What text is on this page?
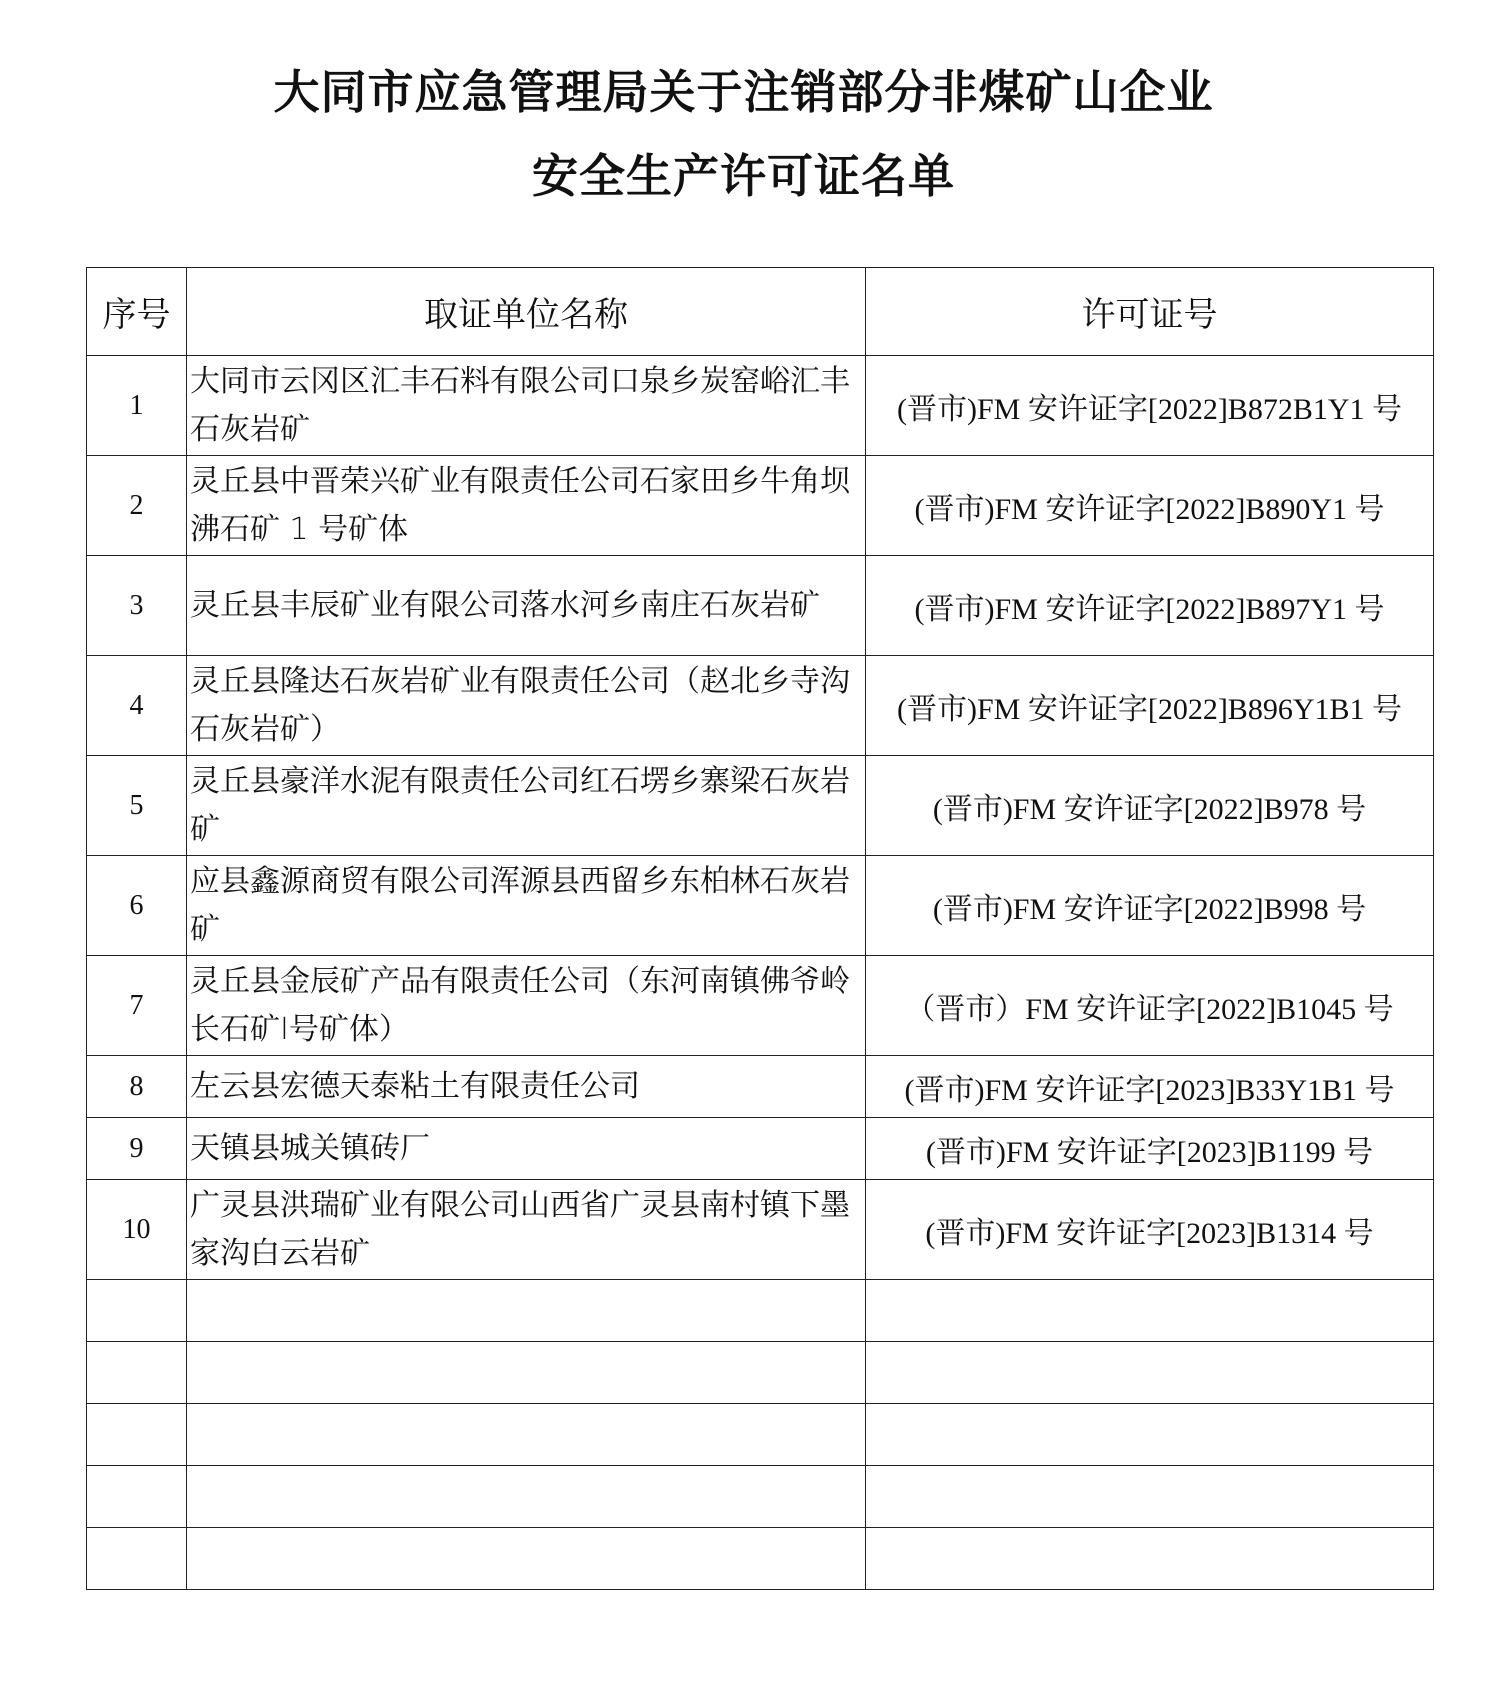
大同市应急管理局关于注销部分非煤矿山企业
安全生产许可证名单
序号	取证单位名称	许可证号
1	大同市云冈区汇丰石料有限公司口泉乡炭窑峪汇丰石灰岩矿	(晋市)FM 安许证字[2022]B872B1Y1 号
2	灵丘县中晋荣兴矿业有限责任公司石家田乡牛角坝沸石矿 1 号矿体	(晋市)FM 安许证字[2022]B890Y1 号
3	灵丘县丰辰矿业有限公司落水河乡南庄石灰岩矿	(晋市)FM 安许证字[2022]B897Y1 号
4	灵丘县隆达石灰岩矿业有限责任公司（赵北乡寺沟石灰岩矿）	(晋市)FM 安许证字[2022]B896Y1B1 号
5	灵丘县豪洋水泥有限责任公司红石塄乡寨梁石灰岩矿	(晋市)FM 安许证字[2022]B978 号
6	应县鑫源商贸有限公司浑源县西留乡东柏林石灰岩矿	(晋市)FM 安许证字[2022]B998 号
7	灵丘县金辰矿产品有限责任公司（东河南镇佛爷岭长石矿Ⅰ号矿体）	（晋市）FM 安许证字[2022]B1045 号
8	左云县宏德天泰粘土有限责任公司	(晋市)FM 安许证字[2023]B33Y1B1 号
9	天镇县城关镇砖厂	(晋市)FM 安许证字[2023]B1199 号
10	广灵县洪瑞矿业有限公司山西省广灵县南村镇下墨家沟白云岩矿	(晋市)FM 安许证字[2023]B1314 号
